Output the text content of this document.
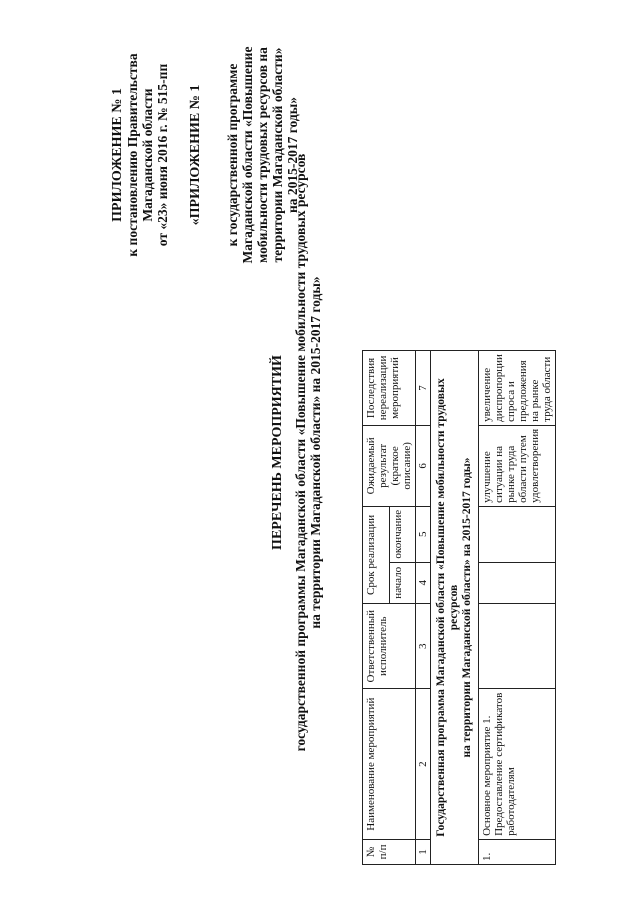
ПРИЛОЖЕНИЕ № 1 к постановлению Правительства Магаданской области от «23» июня 2016 г. № 515-пп «ПРИЛОЖЕНИЕ № 1 к государственной программе Магаданской области «Повышение мобильности трудовых ресурсов на территории Магаданской области» на 2015-2017 годы»
ПЕРЕЧЕНЬ МЕРОПРИЯТИЙ государственной программы Магаданской области «Повышение мобильности трудовых ресурсов на территории Магаданской области» на 2015-2017 годы»
№ п/п	Наименование мероприятий	Ответственный исполнитель	Срок реализации		Ожидаемый результат (краткое описание)	Последствия нереализации мероприятий
			начало	окончание		
1	2	3	4	5	6	7

Государственная программа Магаданской области «Повышение мобильности трудовых ресурсов на территории Магаданской области» на 2015-2017 годы»						

1.	Основное мероприятие 1. Предоставление сертификатов работодателям				улучшение ситуации на рынке труда области путем удовлетворения	увеличение диспропорции спроса и предложения на рынке труда области
